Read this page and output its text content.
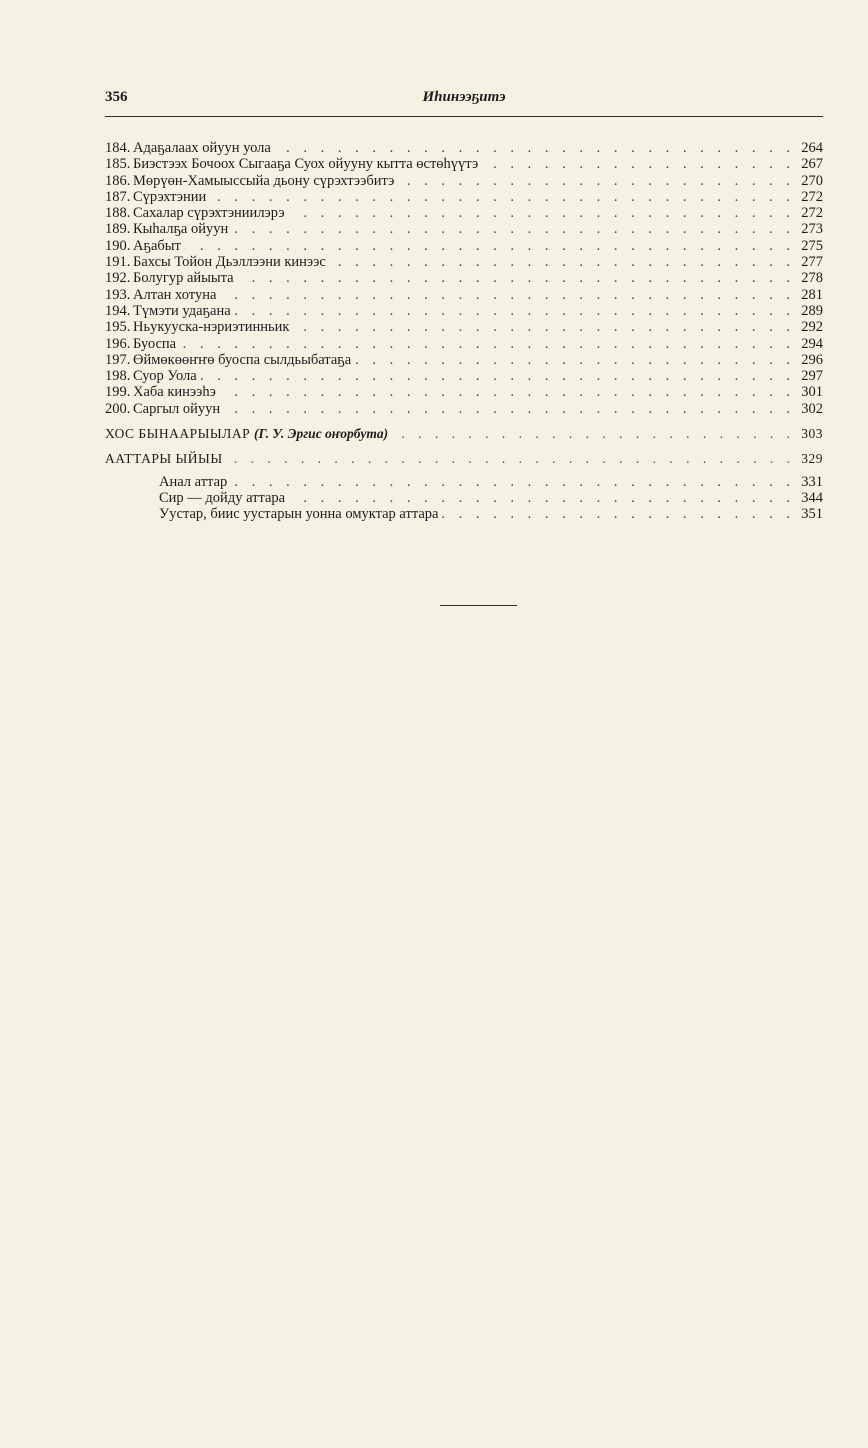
356	Иһинээҕитэ
184. Адаҕалаах ойуун уола . . .	264
185. Биэстээх Бочоох Сыгааҕа Суох ойууну кытта өстөһүүтэ . . .	267
186. Мөрүөн-Хамыыссыйа дьону сүрэхтээбитэ . . .	270
187. Сүрэхтэнии . . .	272
188. Сахалар сүрэхтэниилэрэ . . .	272
189. Кыһалҕа ойуун . . .	273
190. Аҕабыт . . .	275
191. Бахсы Тойон Дьэллээни кинээс . . .	277
192. Болугур айыыта . . .	278
193. Алтан хотуна . . .	281
194. Түмэти удаҕана . . .	289
195. Ньукууска-нэриэтинньик . . .	292
196. Буоспа . . .	294
197. Өймөкөөҥҥө буоспа сылдьыбатаҕа . . .	296
198. Суор Уола . . .	297
199. Хаба кинээһэ . . .	301
200. Саргыл ойуун . . .	302
ХОС БЫНААРЫЫЛАР (Г. У. Эргис оҥорбута) . . .	303
ААТТАРЫ ЫЙЫЫ . . .	329
Анал аттар . . .	331
Сир — дойду аттара . . .	344
Уустар, биис уустарын уонна омуктар аттара . . .	351
